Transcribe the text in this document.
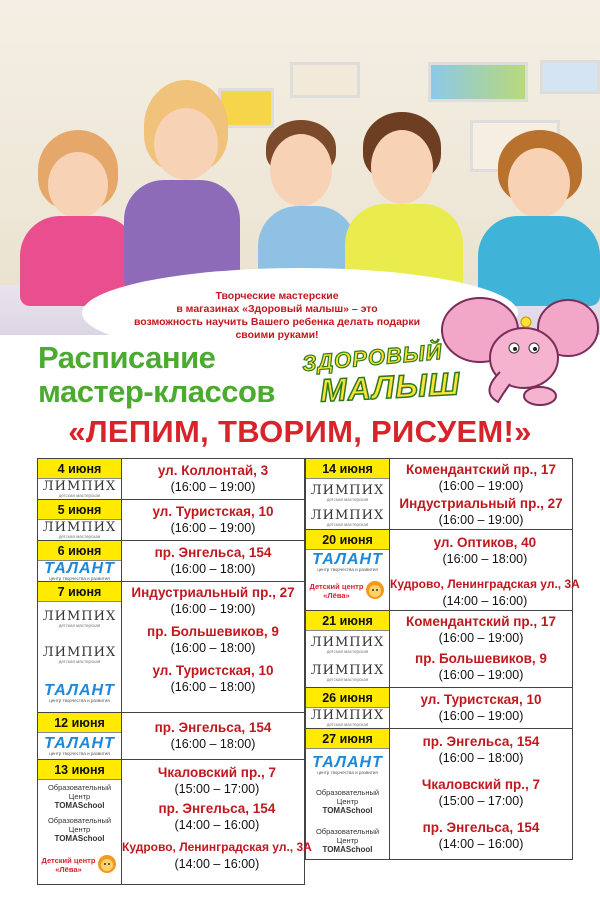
Творческие мастерские
в магазинах «Здоровый малыш» – это
возможность научить Вашего ребенка делать подарки
своими руками!
Расписание
мастер-классов
«ЛЕПИМ, ТВОРИМ, РИСУЕМ!»
ЗДОРОВЫЙ
МАЛЫШ
4 июня
ЛИМПИХ
детская мастерская
ул. Коллонтай, 3
(16:00 – 19:00)
5 июня
ЛИМПИХ
детская мастерская
ул. Туристская, 10
(16:00 – 19:00)
6 июня
ТАЛАНТ
центр творчества и развития
пр. Энгельса, 154
(16:00 – 18:00)
7 июня
ЛИМПИХ
детская мастерская
ЛИМПИХ
детская мастерская
ТАЛАНТ
центр творчества и развития
Индустриальный пр., 27
(16:00 – 19:00)
пр. Большевиков, 9
(16:00 – 18:00)
ул. Туристская, 10
(16:00 – 18:00)
12 июня
ТАЛАНТ
центр творчества и развития
пр. Энгельса, 154
(16:00 – 18:00)
13 июня
Образовательный Центр
TOMASchool
Образовательный Центр
TOMASchool
Детский центр
«Лёва»
Чкаловский пр., 7
(15:00 – 17:00)
пр. Энгельса, 154
(14:00 – 16:00)
Кудрово, Ленинградская ул., 3А
(14:00 – 16:00)
14 июня
ЛИМПИХ
детская мастерская
ЛИМПИХ
детская мастерская
Комендантский пр., 17
(16:00 – 19:00)
Индустриальный пр., 27
(16:00 – 19:00)
20 июня
ТАЛАНТ
центр творчества и развития
Детский центр
«Лёва»
ул. Оптиков, 40
(16:00 – 18:00)
Кудрово, Ленинградская ул., 3А
(14:00 – 16:00)
21 июня
ЛИМПИХ
детская мастерская
ЛИМПИХ
детская мастерская
Комендантский пр., 17
(16:00 – 19:00)
пр. Большевиков, 9
(16:00 – 19:00)
26 июня
ЛИМПИХ
детская мастерская
ул. Туристская, 10
(16:00 – 19:00)
27 июня
ТАЛАНТ
центр творчества и развития
Образовательный Центр
TOMASchool
Образовательный Центр
TOMASchool
пр. Энгельса, 154
(16:00 – 18:00)
Чкаловский пр., 7
(15:00 – 17:00)
пр. Энгельса, 154
(14:00 – 16:00)
